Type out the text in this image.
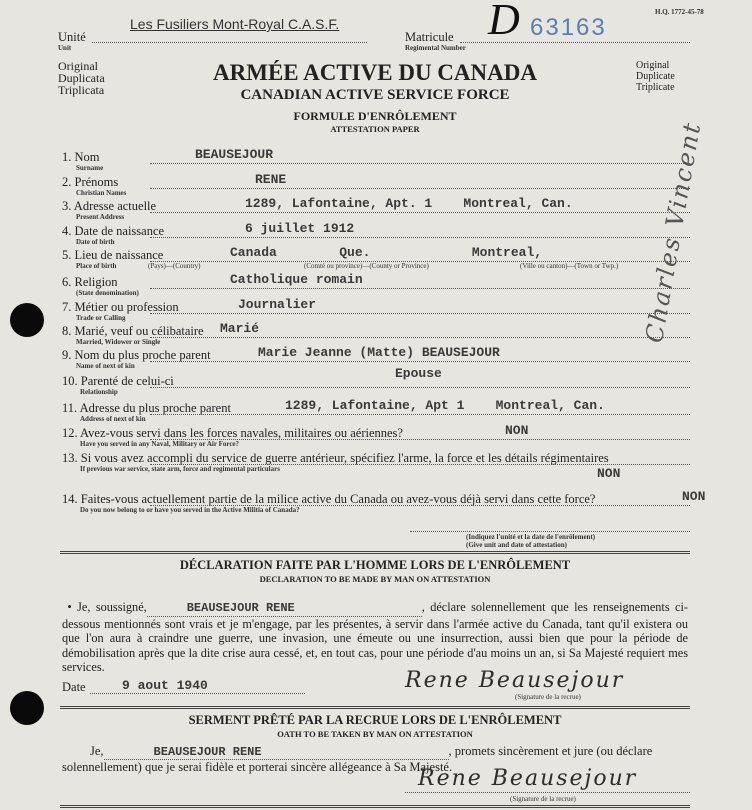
H.Q. 1772-45-78
Unité
Unit
Les Fusiliers Mont-Royal C.A.S.F.
Matricule
Regimental Number
D 63163
Original
Duplicata
Triplicata
Original
Duplicate
Triplicate
ARMÉE ACTIVE DU CANADA
CANADIAN ACTIVE SERVICE FORCE
FORMULE D'ENRÔLEMENT
ATTESTATION PAPER
1. Nom
Surname
BEAUSEJOUR
2. Prénoms
Christian Names
RENE
3. Adresse actuelle
Present Address
1289, Lafontaine, Apt. 1    Montreal, Can.
4. Date de naissance
Date of birth
6 juillet 1912
5. Lieu de naissance
Place of birth
Canada        Que.             Montreal,
6. Religion
(State denomination)
Catholique romain
7. Métier ou profession
Trade or Calling
Journalier
8. Marié, veuf ou célibataire
Married, Widower or Single
Marié
9. Nom du plus proche parent
Name of next of kin
Marie Jeanne (Matte) BEAUSEJOUR
10. Parenté de celui-ci
Relationship
Epouse
11. Adresse du plus proche parent
Address of next of kin
1289, Lafontaine, Apt 1    Montreal, Can.
12. Avez-vous servi dans les forces navales, militaires ou aériennes?
Have you served in any Naval, Military or Air Force?
NON
13. Si vous avez accompli du service de guerre antérieur, spécifiez l'arme, la force et les détails régimentaires
If previous war service, state arm, force and regimental particulars	NON
14. Faites-vous actuellement partie de la milice active du Canada ou avez-vous déjà servi dans cette force?
Do you now belong to or have you served in the Active Militia of Canada?
NON
(Pays)—(Country)	(Comté ou province)—(County or Province)	(Ville ou canton)—(Town or Twp.)
(Indiquez l'unité et la date de l'enrôlement)
(Give unit and date of attestation)
DÉCLARATION FAITE PAR L'HOMME LORS DE L'ENRÔLEMENT
DECLARATION TO BE MADE BY MAN ON ATTESTATION
• Je, soussigné,	BEAUSEJOUR RENE	, déclare solennellement que les renseignements ci-dessous mentionnés sont vrais et je m'engage, par les présentes, à servir dans l'armée active du Canada, tant qu'il existera ou que l'on aura à craindre une guerre, une invasion, une émeute ou une insurrection, aussi bien que pour la période de démobilisation après que la dite crise aura cessé, et, en tout cas, pour une période d'au moins un an, si Sa Majesté requiert mes services.
Date	9 aout 1940	Rene Beausejour
(Signature de la recrue)
SERMENT PRÊTÉ PAR LA RECRUE LORS DE L'ENRÔLEMENT
OATH TO BE TAKEN BY MAN ON ATTESTATION
Je,	BEAUSEJOUR RENE	, promets sincèrement et jure (ou déclare
solennellement) que je serai fidèle et porterai sincère allégeance à Sa Majesté.
Rene Beausejour
(Signature de la recrue)
Charles Vincent
